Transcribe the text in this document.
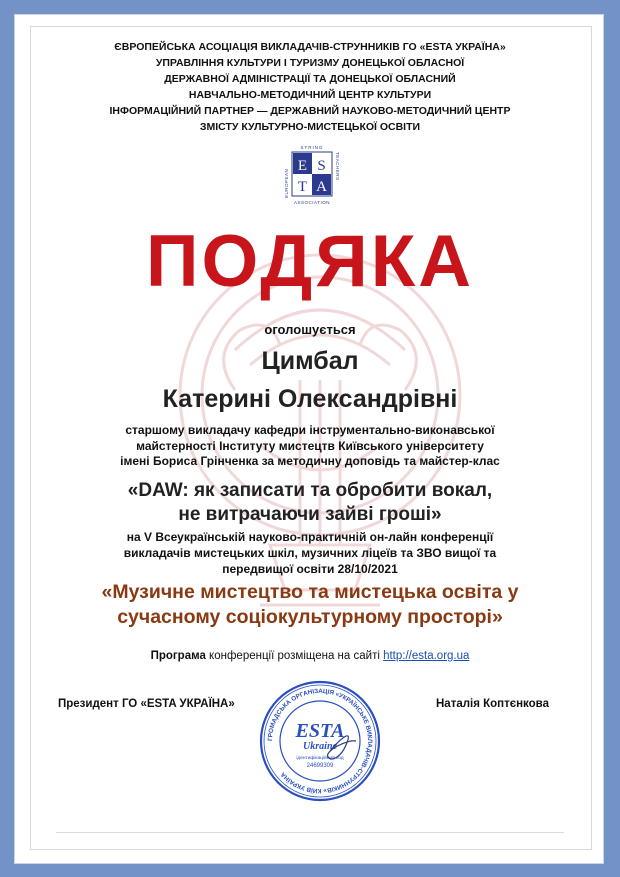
ЄВРОПЕЙСЬКА АСОЦІАЦІЯ ВИКЛАДАЧІВ-СТРУННИКІВ ГО «ESTA УКРАЇНА»
УПРАВЛІННЯ КУЛЬТУРИ І ТУРИЗМУ ДОНЕЦЬКОЇ ОБЛАСНОЇ
ДЕРЖАВНОЇ АДМІНІСТРАЦІЇ ТА ДОНЕЦЬКОЇ ОБЛАСНИЙ
НАВЧАЛЬНО-МЕТОДИЧНИЙ ЦЕНТР КУЛЬТУРИ
ІНФОРМАЦІЙНИЙ ПАРТНЕР — ДЕРЖАВНИЙ НАУКОВО-МЕТОДИЧНИЙ ЦЕНТР
ЗМІСТУ КУЛЬТУРНО-МИСТЕЦЬКОЇ ОСВІТИ
E S
T A
STRING
ASSOCIATION
EUROPEAN
TEACHERS
ПОДЯКА
оголошується
Цимбал
Катерині Олександрівні
старшому викладачу кафедри інструментально-виконавської
майстерності Інституту мистецтв Київського університету
імені Бориса Грінченка за методичну доповідь та майстер-клас
«DAW: як записати та обробити вокал,
не витрачаючи зайві гроші»
на V Всеукраїнській науково-практичній он-лайн конференції
викладачів мистецьких шкіл, музичних ліцеїв та ЗВО вищої та
передвищої освіти 28/10/2021
«Музичне мистецтво та мистецька освіта у
сучасному соціокультурному просторі»
Програма конференції розміщена на сайті http://esta.org.ua
Президент ГО «ESTA УКРАЇНА»	Наталія Коптєнкова
ГРОМАДСЬКА ОРГАНІЗАЦІЯ «УКРАЇНСЬКЕ ВИКЛАДАЧІВ-СТРУННИКІВ» КИЇВ УКРАЇНА
ESTA
Ukraine
ідентифікаційний код
24699309
